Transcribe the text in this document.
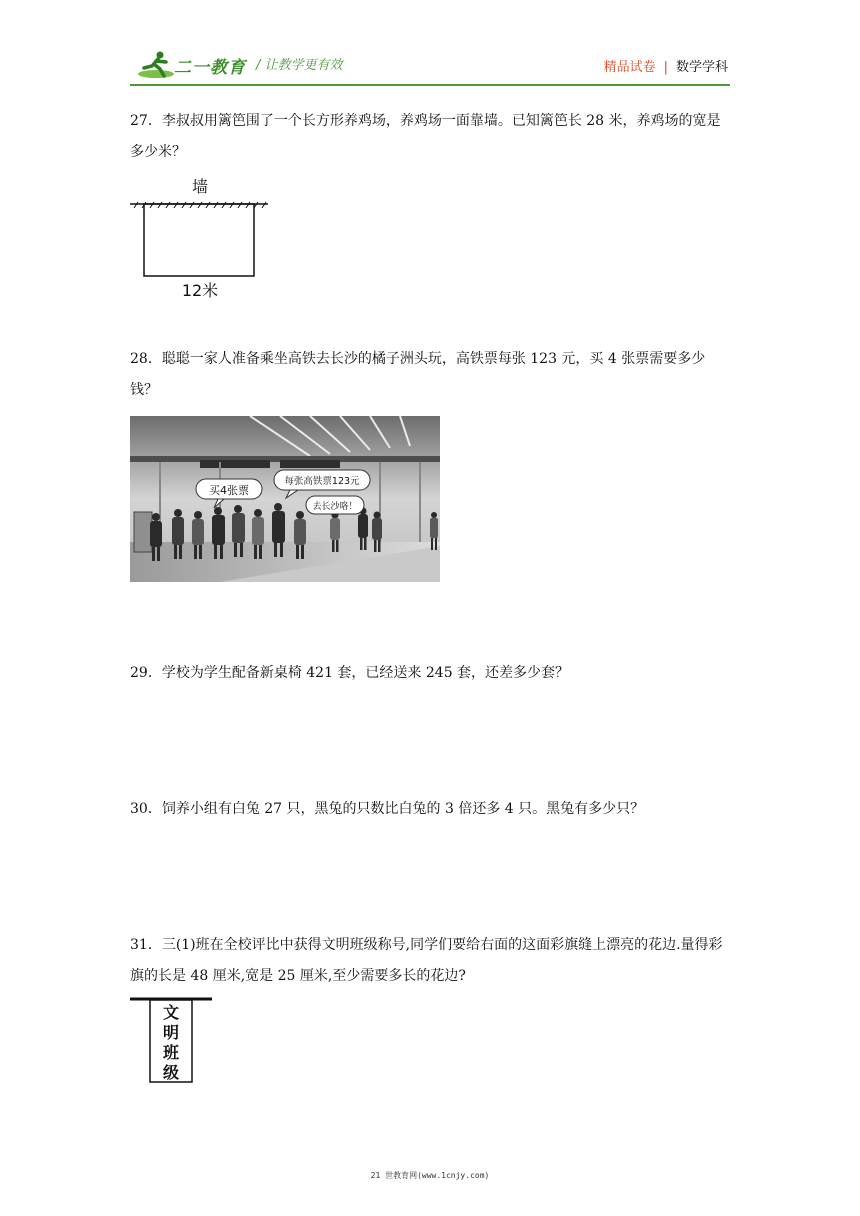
二一教育 / 让教学更有效	精品试卷 | 数学学科
27．李叔叔用篱笆围了一个长方形养鸡场，养鸡场一面靠墙。已知篱笆长 28 米，养鸡场的宽是多少米？
墙
12米
28．聪聪一家人准备乘坐高铁去长沙的橘子洲头玩，高铁票每张 123 元，买 4 张票需要多少钱？
买4张票
每张高铁票123元
去长沙咯！
29．学校为学生配备新桌椅 421 套，已经送来 245 套，还差多少套？
30．饲养小组有白兔 27 只，黑兔的只数比白兔的 3 倍还多 4 只。黑兔有多少只？
31．三(1)班在全校评比中获得文明班级称号,同学们要给右面的这面彩旗缝上漂亮的花边.量得彩旗的长是 48 厘米,宽是 25 厘米,至少需要多长的花边?
文
明
班
级
21 世教育网(www.1cnjy.com)
